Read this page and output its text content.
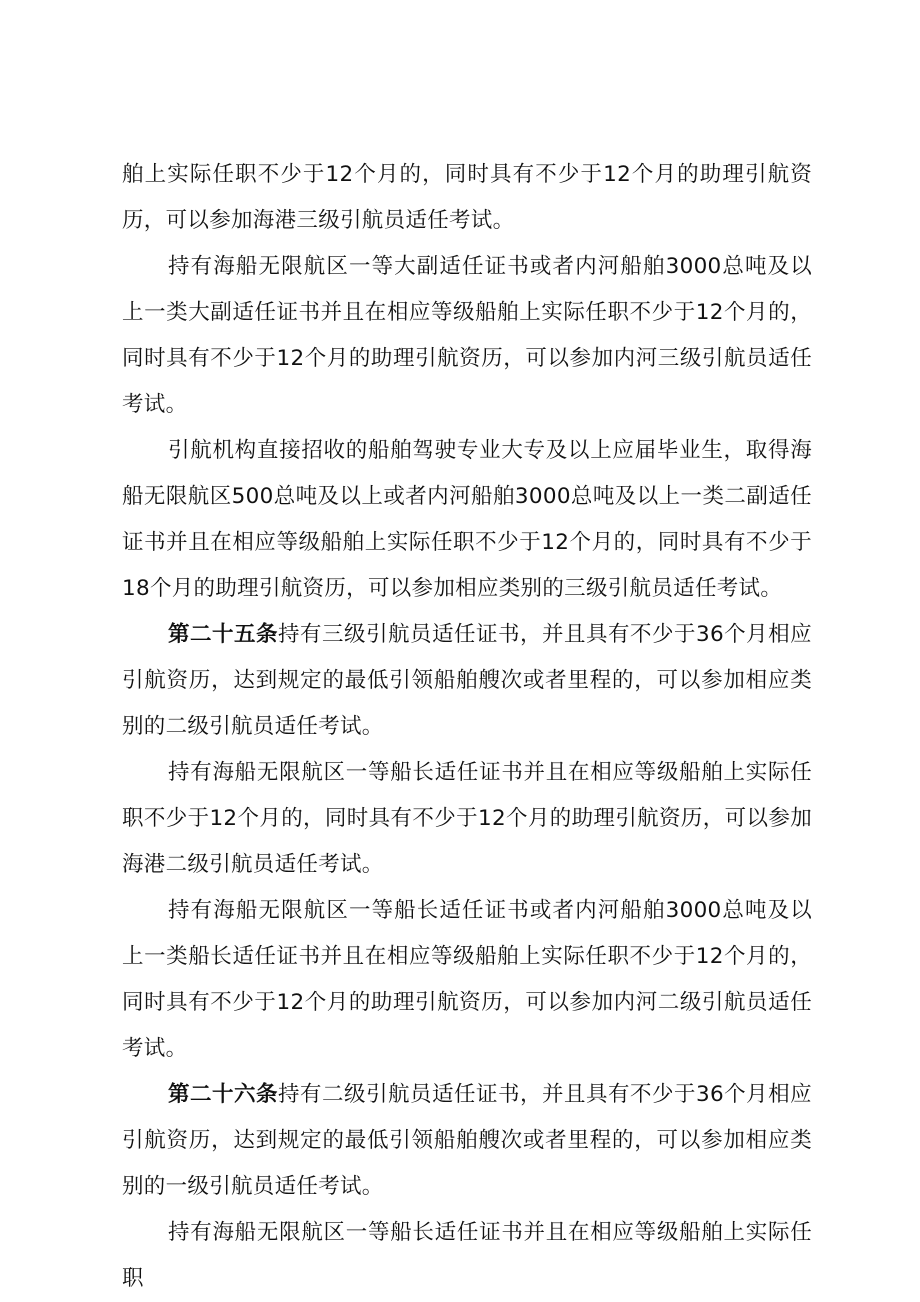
舶上实际任职不少于12个月的，同时具有不少于12个月的助理引航资历，可以参加海港三级引航员适任考试。

持有海船无限航区一等大副适任证书或者内河船舶3000总吨及以上一类大副适任证书并且在相应等级船舶上实际任职不少于12个月的，同时具有不少于12个月的助理引航资历，可以参加内河三级引航员适任考试。

引航机构直接招收的船舶驾驶专业大专及以上应届毕业生，取得海船无限航区500总吨及以上或者内河船舶3000总吨及以上一类二副适任证书并且在相应等级船舶上实际任职不少于12个月的，同时具有不少于18个月的助理引航资历，可以参加相应类别的三级引航员适任考试。

第二十五条持有三级引航员适任证书，并且具有不少于36个月相应引航资历，达到规定的最低引领船舶艘次或者里程的，可以参加相应类别的二级引航员适任考试。

持有海船无限航区一等船长适任证书并且在相应等级船舶上实际任职不少于12个月的，同时具有不少于12个月的助理引航资历，可以参加海港二级引航员适任考试。

持有海船无限航区一等船长适任证书或者内河船舶3000总吨及以上一类船长适任证书并且在相应等级船舶上实际任职不少于12个月的，同时具有不少于12个月的助理引航资历，可以参加内河二级引航员适任考试。

第二十六条持有二级引航员适任证书，并且具有不少于36个月相应引航资历，达到规定的最低引领船舶艘次或者里程的，可以参加相应类别的一级引航员适任考试。

持有海船无限航区一等船长适任证书并且在相应等级船舶上实际任职
